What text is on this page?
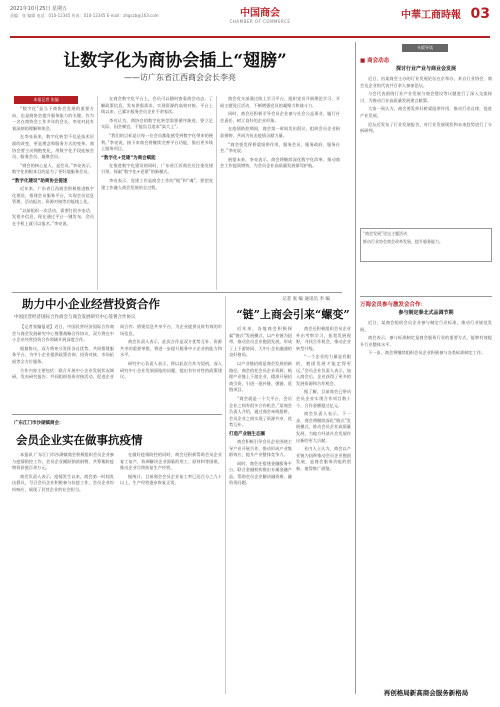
2021年10月25日 星期五
责编：张 编辑 电话：010-12345 传真：010-12345 E-mail：zhgszb@163.com	中国商会
CHAMBER OF COMMERCE
中華工商時報 03
让数字化为商协会插上“翅膀”
——访广东省江西商会会长李亮
本报记者 张编

“数字化”是当下商协会发展的重要方向，也是商协会提升服务能力的关键。作为一名在商协会工作多年的会长，李亮对此有着深刻的理解和体会。

在李亮看来，数字化转型不仅是技术层面的改变，更是理念和服务方式的变革。商协会要主动拥抱变化，用数字化手段连接会员、服务会员、凝聚会员。

“商会的核心是人，是会员。”李亮表示，数字化的根本目的是为了更好地服务会员。

“数字化建设”助商协会提速

近年来，广东省江西商会积极推进数字化建设，搭建会员服务平台，实现会员信息管理、活动报名、资源对接等功能线上化。

“以前组织一次活动，需要打很多电话、发很多信息，现在通过平台一键发布，会员在手机上就可以报名。”李亮说。

在商会数字化平台上，会员可以随时查看商会动态、了解政策信息、发布供需需求，实现资源的高效对接。平台上线以来，已累计服务会员企业千余家次。

李亮认为，商协会的数字化转型需要循序渐进，要立足实际、因会制宜，不能盲目追求“高大上”。

“我们的目标是让每一位会员都能感受到数字化带来的便利。”李亮说，接下来商会将继续完善平台功能，推出更多线上服务项目。

“数字化+党建”为商会赋能

在推进数字化建设的同时，广东省江西商会还注重党建引领，探索“数字化+党建”的新模式。

李亮表示，党建工作是商会工作的“根”和“魂”，要把党建工作融入商会发展的全过程。

商会党支部通过线上学习平台，组织党员开展理论学习，开展主题党日活动，不断增强党员的凝聚力和战斗力。

同时，商会还积极引导会员企业参与社会公益事业，履行社会责任，树立良好的企业形象。

在疫情防控期间，商会第一时间发出倡议，组织会员企业捐款捐物，共同为抗击疫情贡献力量。

“商会要发挥桥梁纽带作用，服务会员、服务政府、服务社会。”李亮说。

展望未来，李亮表示，商会将继续深化数字化改革，推动商会工作提质增效，为会员企业高质量发展保驾护航。

助力中小企业经营投资合作
中国民营经济国际合作商会与商会发展研究中心签署合作协议

【记者张编报道】近日，中国民营经济国际合作商会与商会发展研究中心签署战略合作协议，双方将在中小企业经营投资合作领域开展深度合作。

根据协议，双方将充分发挥各自优势，共同搭建服务平台，为中小企业提供政策咨询、投资对接、市场拓展等全方位服务。

合作内容主要包括：联合开展中小企业发展状况调研，发布研究报告；共同组织投资对接活动，促进企业间合作；搭建信息共享平台，为企业提供及时有效的市场信息。

商会负责人表示，此次合作是双方优势互补、资源共享的重要举措，将进一步提升服务中小企业的能力和水平。

研究中心负责人表示，将以此次合作为契机，深入研究中小企业发展面临的问题，提出有针对性的政策建议。

广东江门市沙湖镇商会：
会员企业实在做事抗疫情

本报讯 广东江门市沙湖镇商会积极组织会员企业参与疫情防控工作，会员企业踊跃捐款捐物，共筹集防疫物资价值百余万元。

商会负责人表示，疫情发生以来，商会第一时间发出倡议，号召会员企业积极参与抗疫工作，会员企业纷纷响应，展现了民营企业的社会担当。

在做好疫情防控的同时，商会还积极帮助会员企业复工复产，协调解决企业面临的用工、原材料等困难，推动企业尽快恢复生产经营。

据统计，目前商会会员企业复工率已达百分之九十以上，生产经营逐步恢复正常。

记者 张 编 通讯员 李 编
“链”上商会引来“螺变”

近年来，各地商会积极探索“链式”发展模式，以产业链为纽带，推动会员企业抱团发展，形成了上下游协同、大中小企业融通的良好格局。

以产业链招商是商会发展的新路径。商会依托会员企业资源，梳理产业链上下游企业，精准开展招商引资，引进一批补链、强链、延链项目。

“商会就是一个大平台，会员企业之间有很多合作机会。”某商会负责人介绍，通过商会牵线搭桥，会员企业之间实现了资源共享、优势互补。

打造产业链生态圈

商会积极引导会员企业围绕主导产业开展合作，推动形成产业集群效应，提升产业整体竞争力。

同时，商会还搭建金融服务平台，联合金融机构推出专属金融产品，帮助会员企业解决融资难、融资贵问题。

商会还积极组织会员企业外出考察学习，拓宽发展视野，寻找合作机会，推动企业转型升级。

“一个企业的力量是有限的，抱团发展才能走得更远。”会员企业负责人表示，加入商会后，企业获得了更多的发展资源和合作机会。

据了解，目前商会已带动会员企业实现合作项目数十个，合作金额超过亿元。

商会负责人表示，下一步，商会将继续深化“链式”发展模式，推动会员企业高质量发展，为地方经济社会发展作出新的更大贡献。

业内人士认为，商会以产业链为纽带推动会员企业抱团发展，是商会服务功能的创新，值得推广借鉴。

头版导读
■ 商会动态
探讨行业产业与商业会发展

近日，由某商会主办的行业发展论坛在京举办，来自行业协会、商会及企业的代表共百余人参加论坛。

与会代表围绕行业产业发展与商会建设等议题进行了深入交流探讨，为推动行业高质量发展建言献策。

大家一致认为，商会要发挥好桥梁纽带作用，推动行业自律，促进产业发展。

论坛还发布了行业发展报告，对行业发展现状和未来趋势进行了分析研判。

“商会发展”论坛主题活动

推动行业协会商会改革发展，提升服务能力。

万海会员参与激发会合作：
参与制定泰北式品调节期

近日，某商会组织会员企业参与制定行业标准，推动行业规范发展。

商会表示，参与标准制定是商会服务行业的重要方式，能够有效提升行业整体水平。

下一步，商会将继续组织会员企业积极参与各类标准制定工作。

再创格局新高商会服务新格局
